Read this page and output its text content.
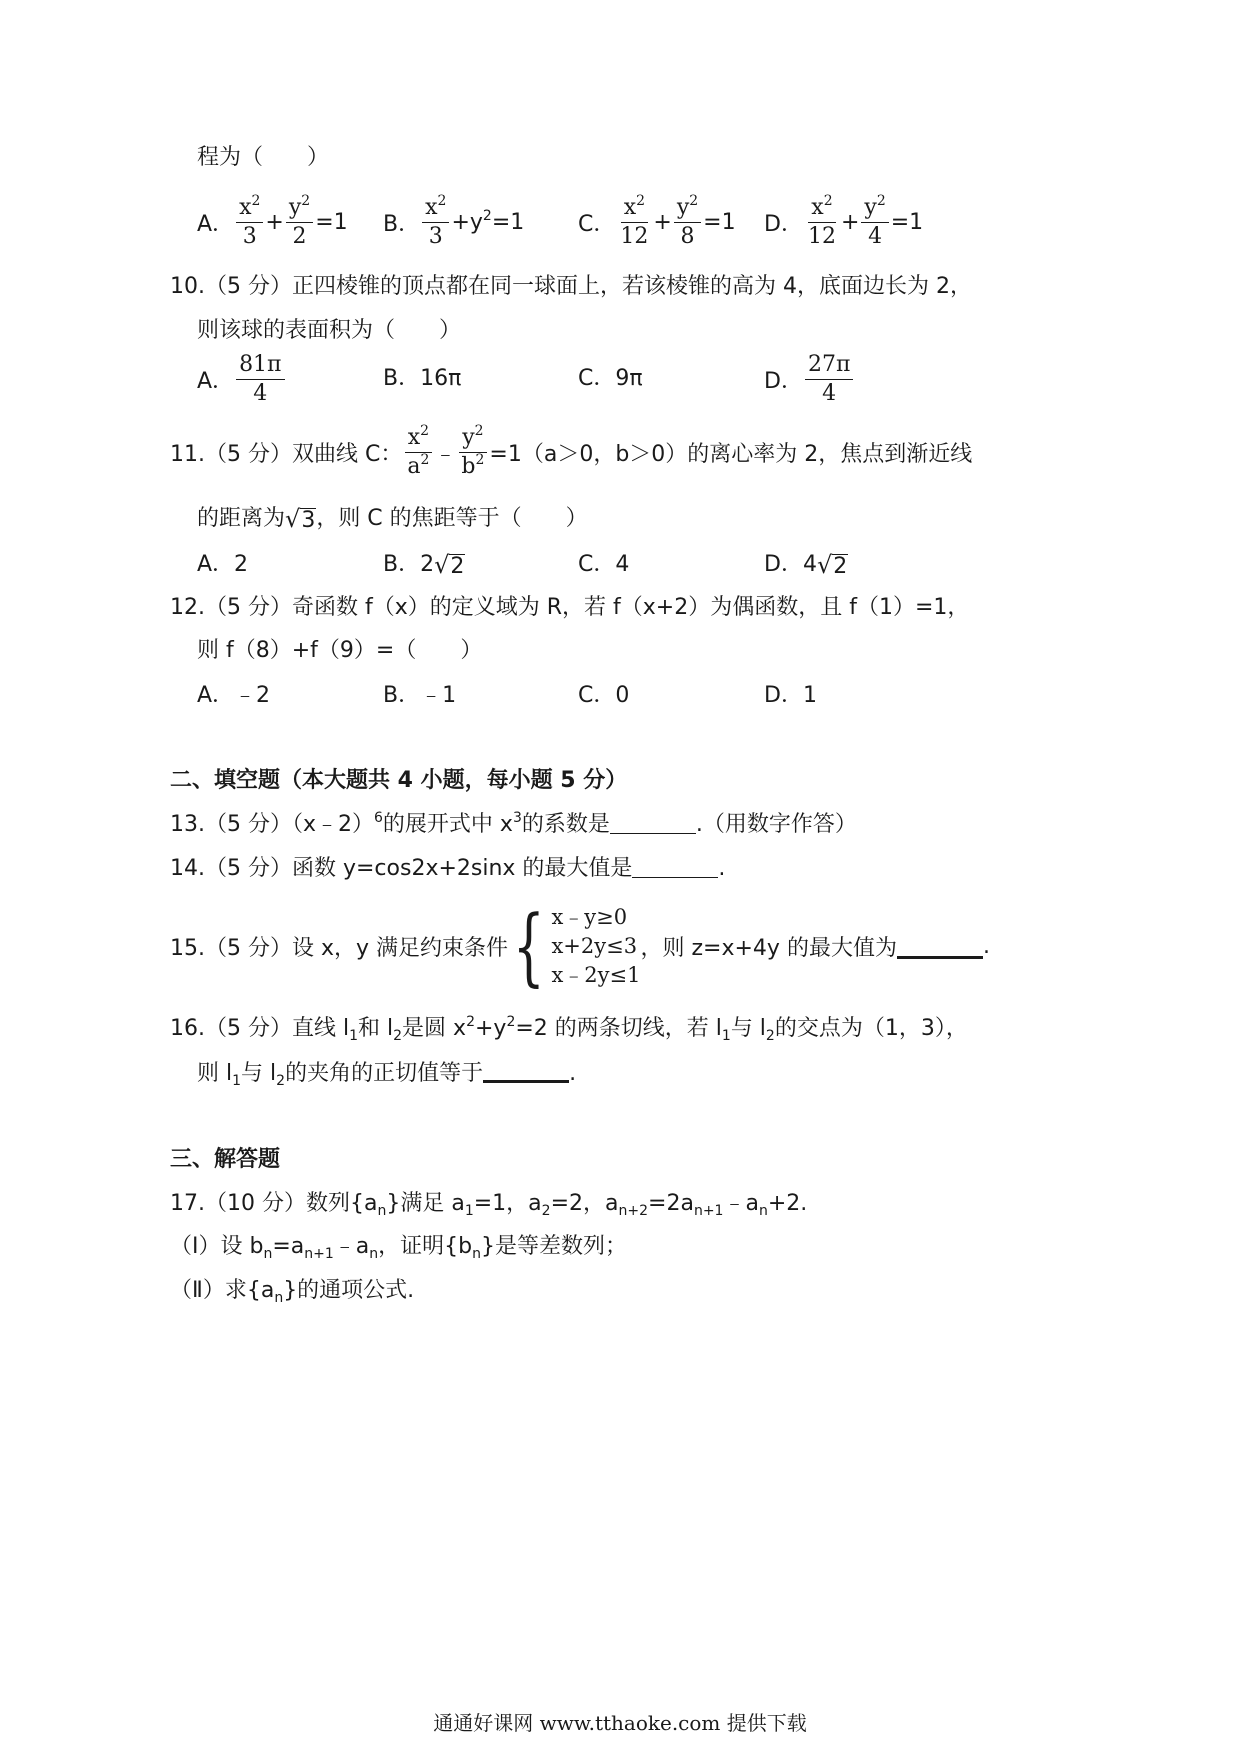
程为（　　）
A． $\frac{x^2}{3} + \frac{y^2}{2} =1$ B． $\frac{x^2}{3} +y^2 =1$ C． $\frac{x^2}{12} + \frac{y^2}{8} =1$ D． $\frac{x^2}{12} + \frac{y^2}{4} =1$
10.（5 分）正四棱锥的顶点都在同一球面上，若该棱锥的高为 4，底面边长为 2，
则该球的表面积为（　　）
A． $\frac{81\pi}{4}$	B．16π	C．9π	D． $\frac{27\pi}{4}$
11.（5 分）双曲线 C： $\frac{x^2}{a^2}$ ﹣ $\frac{y^2}{b^2} =1(a>0$，b＞0）的离心率为 2，焦点到渐近线
的距离为 √ 3 ，则 C 的焦距等于（　　）
A．2	B．2 √ 2	C．4	D．4 √ 2
12.（5 分）奇函数 f（x）的定义域为 R，若 f（x+2）为偶函数，且 f（1）=1，
则 f（8）+f（9）=（　　）
A．﹣2	B．﹣1	C．0	D．1
二、填空题（本大题共 4 小题，每小题 5 分）
13.（5 分）（x﹣2）$^6$的展开式中 $x^3$的系数是	.（用数字作答）
14.（5 分）函数 y=cos2x+2sinx 的最大值是	.
15.（5 分）设 x，y 满足约束条件 { x﹣y≥0
x+2y≤3
x﹣2y≤1
，则 z=x+4y 的最大值为	.
16.（5 分）直线 $l_1$和 $l_2$是圆 $x^2+y^2=2$ 的两条切线，若 $l_1$与 $l_2$的交点为（1，3），
则 $l_1$与 $l_2$的夹角的正切值等于	.
三、解答题
17.（10 分）数列$\{a_n\}$满足 $a_1=1$，$a_2=2$，$a_{n+2}=2a_{n+1}﹣a_n+2$.
（Ⅰ）设 $b_n=a_{n+1}﹣a_n$，证明$\{b_n\}$是等差数列；
（Ⅱ）求$\{a_n\}$的通项公式.
通通好课网 www.tthaoke.com 提供下载
